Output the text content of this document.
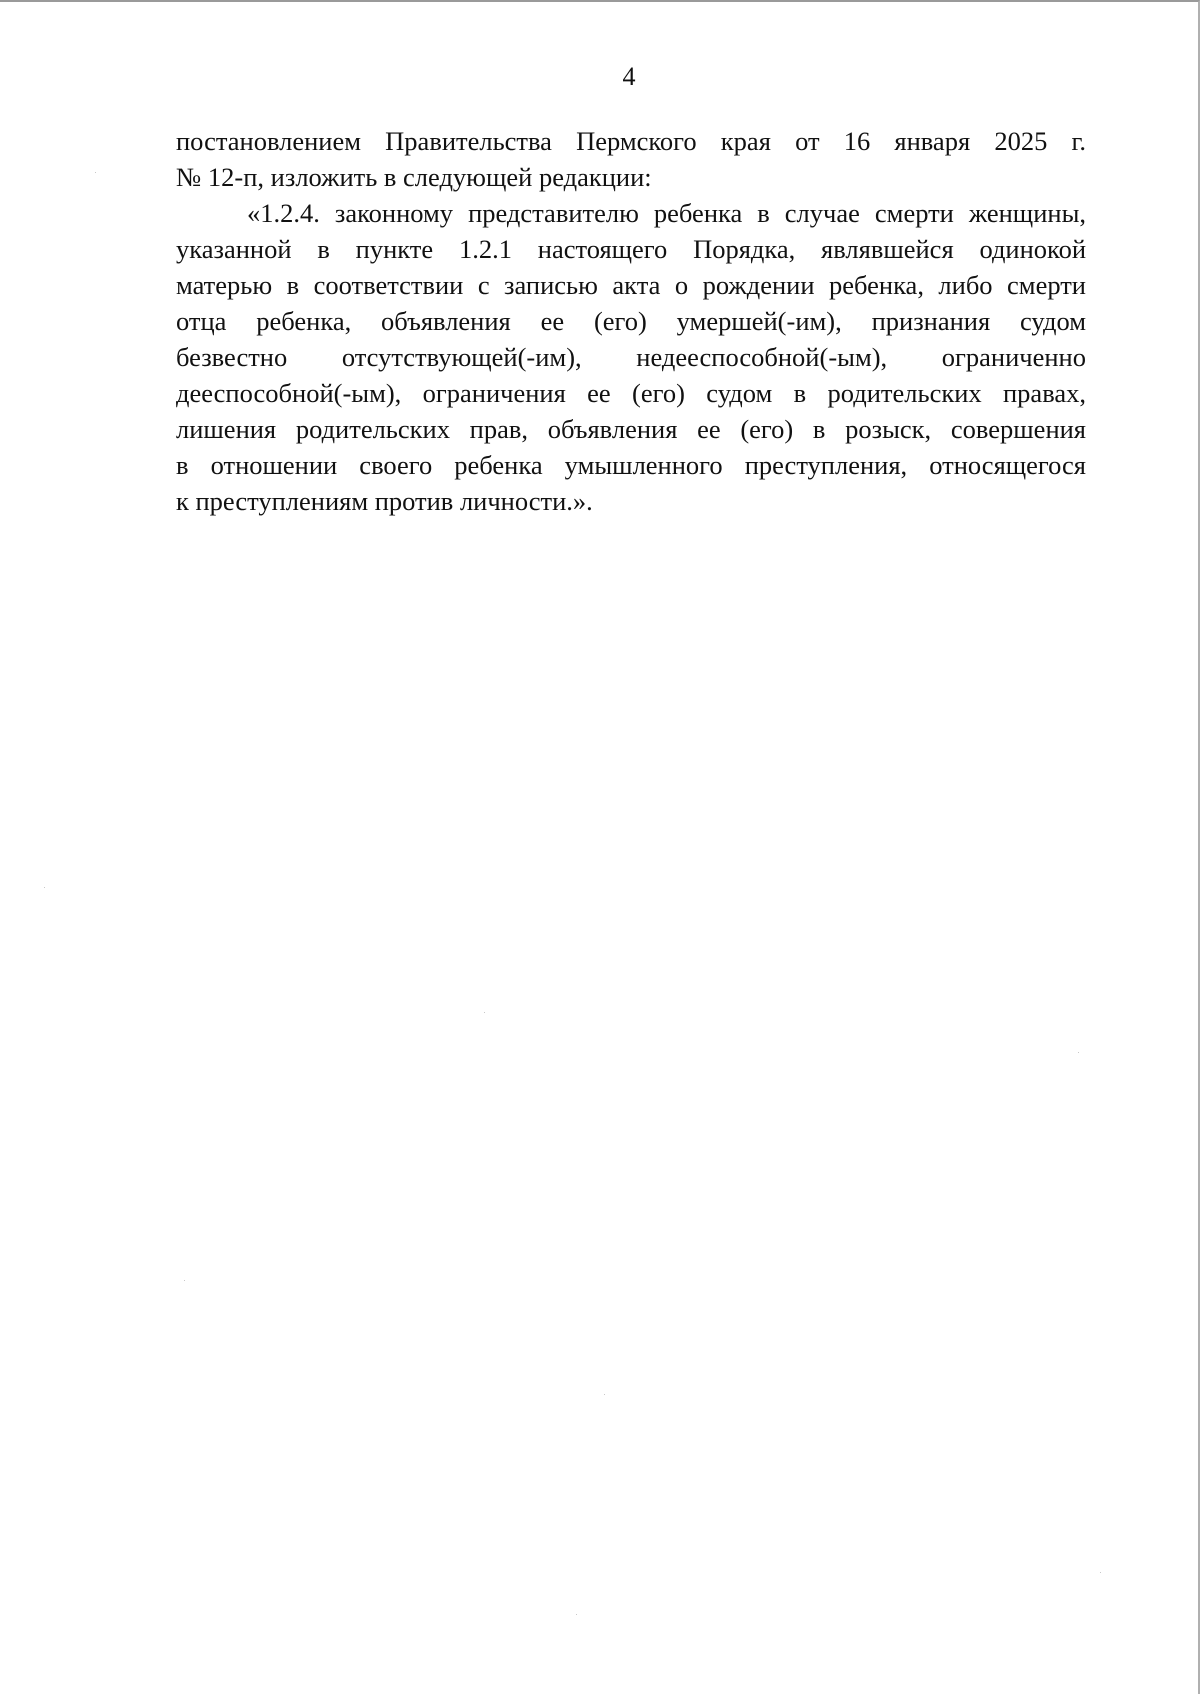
4

постановлением Правительства Пермского края от 16 января 2025 г.
№ 12-п, изложить в следующей редакции:

«1.2.4. законному представителю ребенка в случае смерти женщины,
указанной в пункте 1.2.1 настоящего Порядка, являвшейся одинокой
матерью в соответствии с записью акта о рождении ребенка, либо смерти
отца ребенка, объявления ее (его) умершей(-им), признания судом
безвестно отсутствующей(-им), недееспособной(-ым), ограниченно
дееспособной(-ым), ограничения ее (его) судом в родительских правах,
лишения родительских прав, объявления ее (его) в розыск, совершения
в отношении своего ребенка умышленного преступления, относящегося
к преступлениям против личности.».
